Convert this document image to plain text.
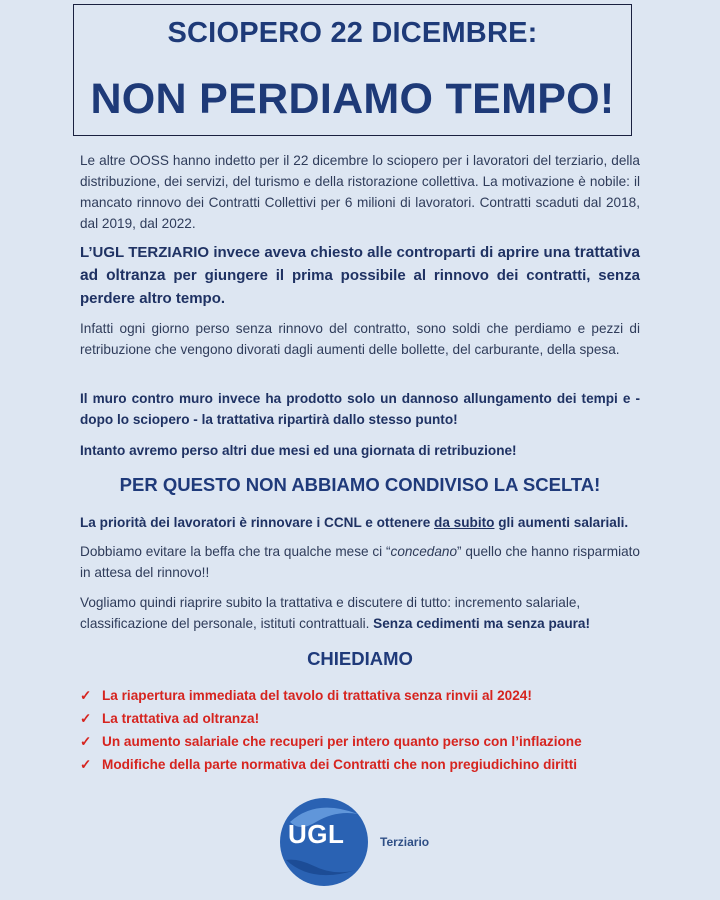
SCIOPERO 22 DICEMBRE:
NON PERDIAMO TEMPO!

Le altre OOSS hanno indetto per il 22 dicembre lo sciopero per i lavoratori del terziario, della distribuzione, dei servizi, del turismo e della ristorazione collettiva. La motivazione è nobile: il mancato rinnovo dei Contratti Collettivi per 6 milioni di lavoratori. Contratti scaduti dal 2018, dal 2019, dal 2022.

L’UGL TERZIARIO invece aveva chiesto alle controparti di aprire una trattativa ad oltranza per giungere il prima possibile al rinnovo dei contratti, senza perdere altro tempo.

Infatti ogni giorno perso senza rinnovo del contratto, sono soldi che perdiamo e pezzi di retribuzione che vengono divorati dagli aumenti delle bollette, del carburante, della spesa.

Il muro contro muro invece ha prodotto solo un dannoso allungamento dei tempi e - dopo lo sciopero - la trattativa ripartirà dallo stesso punto!

Intanto avremo perso altri due mesi ed una giornata di retribuzione!

PER QUESTO NON ABBIAMO CONDIVISO LA SCELTA!

La priorità dei lavoratori è rinnovare i CCNL e ottenere da subito gli aumenti salariali.

Dobbiamo evitare la beffa che tra qualche mese ci “concedano” quello che hanno risparmiato in attesa del rinnovo!!

Vogliamo quindi riaprire subito la trattativa e discutere di tutto: incremento salariale, classificazione del personale, istituti contrattuali. Senza cedimenti ma senza paura!

CHIEDIAMO
✓ La riapertura immediata del tavolo di trattativa senza rinvii al 2024!
✓ La trattativa ad oltranza!
✓ Un aumento salariale che recuperi per intero quanto perso con l’inflazione
✓ Modifiche della parte normativa dei Contratti che non pregiudichino diritti
UGL	Terziario
